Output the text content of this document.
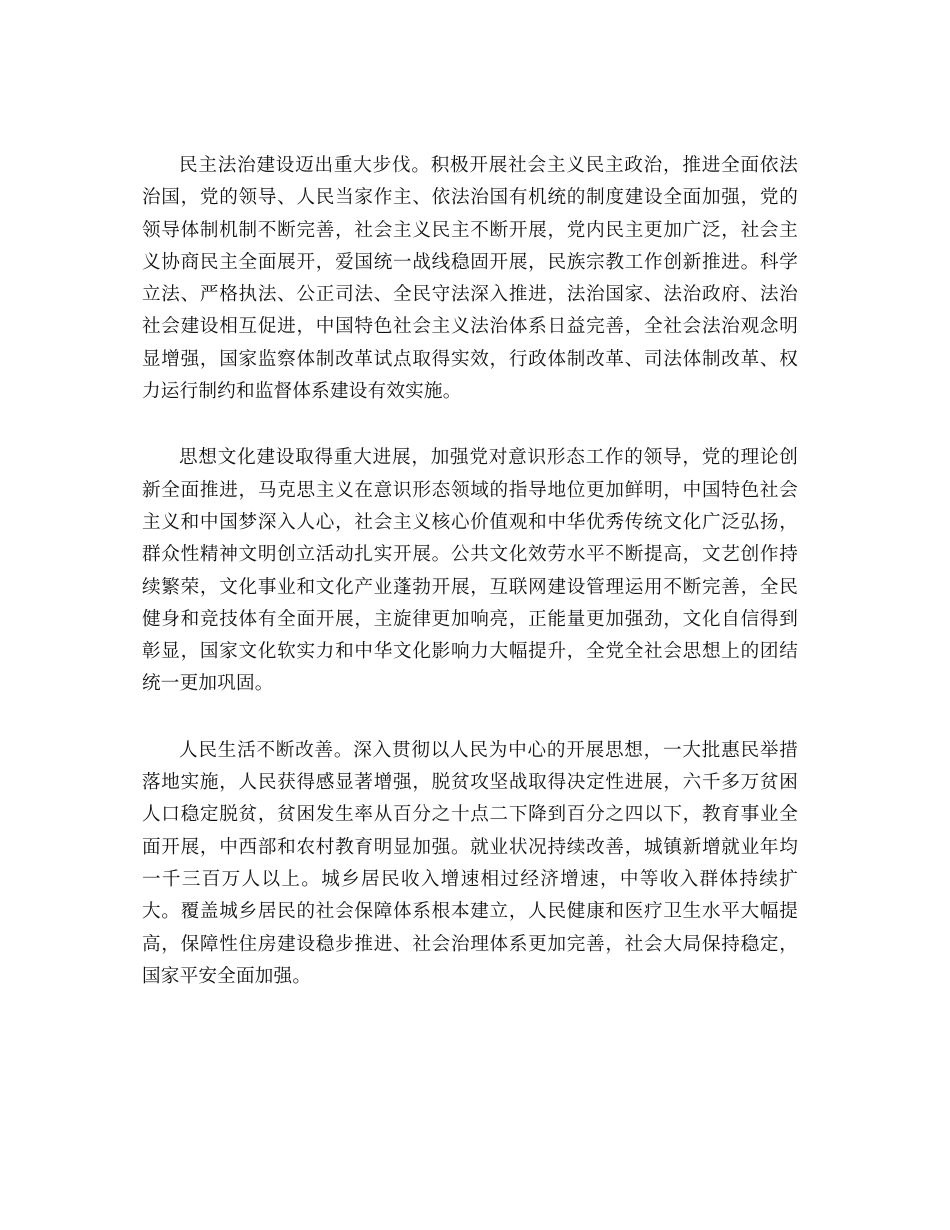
民主法治建设迈出重大步伐。积极开展社会主义民主政治，推进全面依法治国，党的领导、人民当家作主、依法治国有机统的制度建设全面加强，党的领导体制机制不断完善，社会主义民主不断开展，党内民主更加广泛，社会主义协商民主全面展开，爱国统一战线稳固开展，民族宗教工作创新推进。科学立法、严格执法、公正司法、全民守法深入推进，法治国家、法治政府、法治社会建设相互促进，中国特色社会主义法治体系日益完善，全社会法治观念明显增强，国家监察体制改革试点取得实效，行政体制改革、司法体制改革、权力运行制约和监督体系建设有效实施。

思想文化建设取得重大进展，加强党对意识形态工作的领导，党的理论创新全面推进，马克思主义在意识形态领域的指导地位更加鲜明，中国特色社会主义和中国梦深入人心，社会主义核心价值观和中华优秀传统文化广泛弘扬，群众性精神文明创立活动扎实开展。公共文化效劳水平不断提高，文艺创作持续繁荣，文化事业和文化产业蓬勃开展，互联网建设管理运用不断完善，全民健身和竞技体有全面开展，主旋律更加响亮，正能量更加强劲，文化自信得到彰显，国家文化软实力和中华文化影响力大幅提升，全党全社会思想上的团结统一更加巩固。

人民生活不断改善。深入贯彻以人民为中心的开展思想，一大批惠民举措落地实施，人民获得感显著增强，脱贫攻坚战取得决定性进展，六千多万贫困人口稳定脱贫，贫困发生率从百分之十点二下降到百分之四以下，教育事业全面开展，中西部和农村教育明显加强。就业状况持续改善，城镇新增就业年均一千三百万人以上。城乡居民收入增速相过经济增速，中等收入群体持续扩大。覆盖城乡居民的社会保障体系根本建立，人民健康和医疗卫生水平大幅提高，保障性住房建设稳步推进、社会治理体系更加完善，社会大局保持稳定，国家平安全面加强。
